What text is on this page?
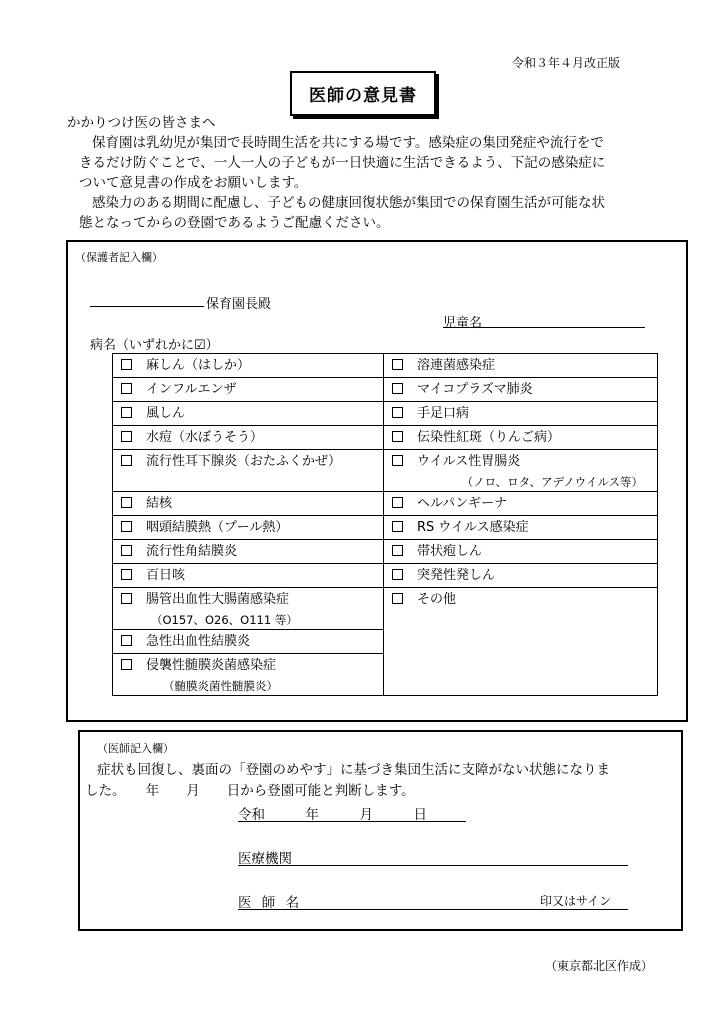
令和３年４月改正版
医師の意見書
かかりつけ医の皆さまへ
保育園は乳幼児が集団で長時間生活を共にする場です。感染症の集団発症や流行をで
きるだけ防ぐことで、一人一人の子どもが一日快適に生活できるよう、下記の感染症に
ついて意見書の作成をお願いします。
感染力のある期間に配慮し、子どもの健康回復状態が集団での保育園生活が可能な状
態となってからの登園であるようご配慮ください。
（保護者記入欄）
保育園長殿
児童名
病名（いずれかに☑）
麻しん（はしか）	溶連菌感染症
インフルエンザ	マイコプラズマ肺炎
風しん	手足口病
水痘（水ぼうそう）	伝染性紅斑（りんご病）
流行性耳下腺炎（おたふくかぜ）	ウイルス性胃腸炎
（ノロ、ロタ、アデノウイルス等）

結核	ヘルパンギーナ
咽頭結膜熱（プール熱）	RS ウイルス感染症
流行性角結膜炎	帯状疱しん
百日咳	突発性発しん
腸管出血性大腸菌感染症
（O157、O26、O111 等）	その他
急性出血性結膜炎	
侵襲性髄膜炎菌感染症
（髄膜炎菌性髄膜炎）	
（医師記入欄）
症状も回復し、裏面の「登園のめやす」に基づき集団生活に支障がない状態になりま
した。　　年　　月　　日から登園可能と判断します。
令和　　　年　　　月　　　日
医療機関
医 師 名	印又はサイン
（東京都北区作成）
